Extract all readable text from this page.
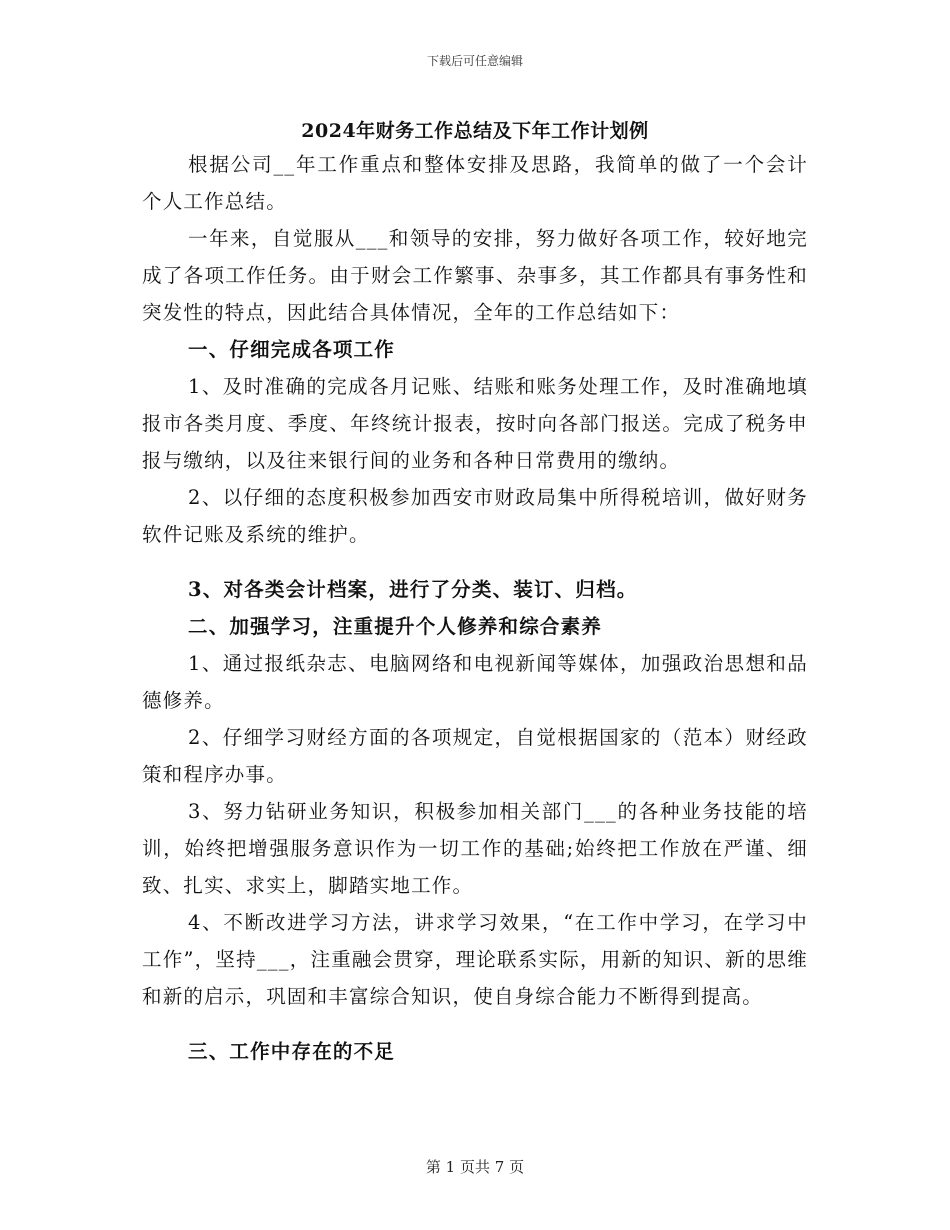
下载后可任意编辑
2024年财务工作总结及下年工作计划例

根据公司__年工作重点和整体安排及思路，我简单的做了一个会计个人工作总结。

一年来，自觉服从___和领导的安排，努力做好各项工作，较好地完成了各项工作任务。由于财会工作繁事、杂事多，其工作都具有事务性和突发性的特点，因此结合具体情况，全年的工作总结如下：

一、仔细完成各项工作

1、及时准确的完成各月记账、结账和账务处理工作，及时准确地填报市各类月度、季度、年终统计报表，按时向各部门报送。完成了税务申报与缴纳，以及往来银行间的业务和各种日常费用的缴纳。

2、以仔细的态度积极参加西安市财政局集中所得税培训，做好财务软件记账及系统的维护。

3、对各类会计档案，进行了分类、装订、归档。

二、加强学习，注重提升个人修养和综合素养

1、通过报纸杂志、电脑网络和电视新闻等媒体，加强政治思想和品德修养。

2、仔细学习财经方面的各项规定，自觉根据国家的（范本）财经政策和程序办事。

3、努力钻研业务知识，积极参加相关部门___的各种业务技能的培训，始终把增强服务意识作为一切工作的基础;始终把工作放在严谨、细致、扎实、求实上，脚踏实地工作。

4、不断改进学习方法，讲求学习效果，“在工作中学习，在学习中工作”，坚持___，注重融会贯穿，理论联系实际，用新的知识、新的思维和新的启示，巩固和丰富综合知识，使自身综合能力不断得到提高。

三、工作中存在的不足

第 1 页共 7 页
